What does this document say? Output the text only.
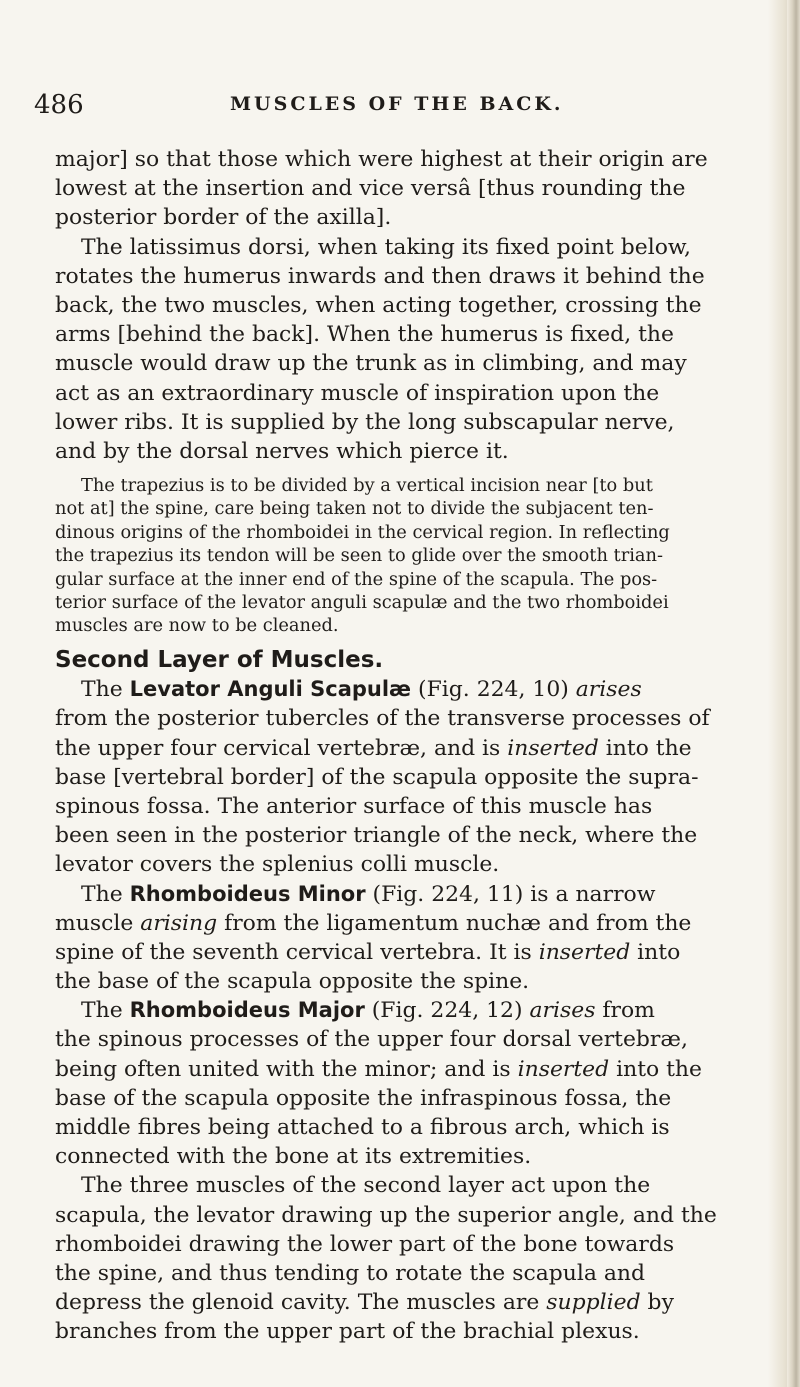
486	MUSCLES OF THE BACK.
major] so that those which were highest at their origin are
lowest at the insertion and vice versâ [thus rounding the
posterior border of the axilla].
The latissimus dorsi, when taking its fixed point below,
rotates the humerus inwards and then draws it behind the
back, the two muscles, when acting together, crossing the
arms [behind the back]. When the humerus is fixed, the
muscle would draw up the trunk as in climbing, and may
act as an extraordinary muscle of inspiration upon the
lower ribs. It is supplied by the long subscapular nerve,
and by the dorsal nerves which pierce it.
The trapezius is to be divided by a vertical incision near [to but
not at] the spine, care being taken not to divide the subjacent ten-
dinous origins of the rhomboidei in the cervical region. In reflecting
the trapezius its tendon will be seen to glide over the smooth trian-
gular surface at the inner end of the spine of the scapula. The pos-
terior surface of the levator anguli scapulæ and the two rhomboidei
muscles are now to be cleaned.
Second Layer of Muscles.
The Levator Anguli Scapulæ (Fig. 224, 10) arises
from the posterior tubercles of the transverse processes of
the upper four cervical vertebræ, and is inserted into the
base [vertebral border] of the scapula opposite the supra-
spinous fossa. The anterior surface of this muscle has
been seen in the posterior triangle of the neck, where the
levator covers the splenius colli muscle.
The Rhomboideus Minor (Fig. 224, 11) is a narrow
muscle arising from the ligamentum nuchæ and from the
spine of the seventh cervical vertebra. It is inserted into
the base of the scapula opposite the spine.
The Rhomboideus Major (Fig. 224, 12) arises from
the spinous processes of the upper four dorsal vertebræ,
being often united with the minor; and is inserted into the
base of the scapula opposite the infraspinous fossa, the
middle fibres being attached to a fibrous arch, which is
connected with the bone at its extremities.
The three muscles of the second layer act upon the
scapula, the levator drawing up the superior angle, and the
rhomboidei drawing the lower part of the bone towards
the spine, and thus tending to rotate the scapula and
depress the glenoid cavity. The muscles are supplied by
branches from the upper part of the brachial plexus.
